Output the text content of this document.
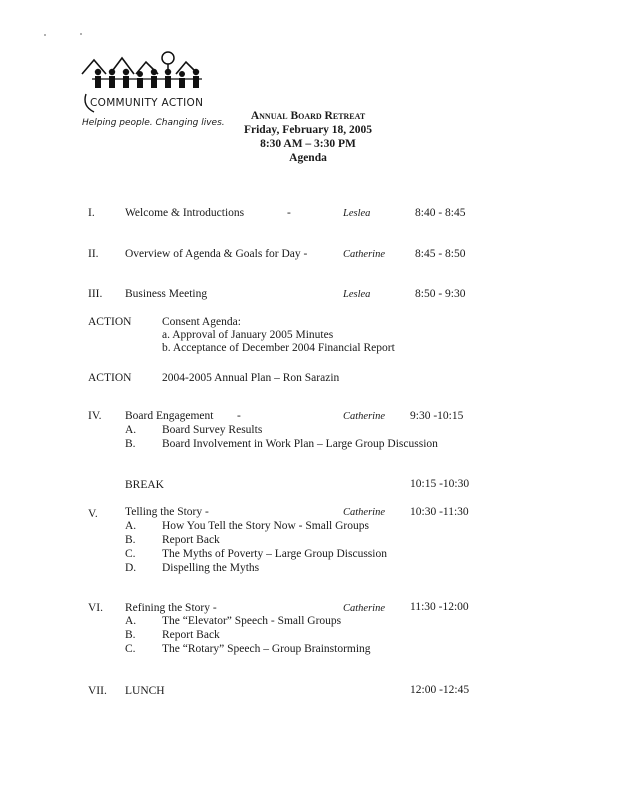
COMMUNITY ACTION
Helping people. Changing lives.
Annual Board Retreat
Friday, February 18, 2005
8:30 AM – 3:30 PM
Agenda
I.	Welcome & Introductions	-	Leslea	8:40 - 8:45
II. Overview of Agenda & Goals for Day -	Catherine	8:45 - 8:50
III. Business Meeting	Leslea	8:50 - 9:30
ACTION	Consent Agenda:
a. Approval of January 2005 Minutes
b. Acceptance of December 2004 Financial Report
ACTION	2004-2005 Annual Plan – Ron Sarazin
IV. Board Engagement -	Catherine 9:30 -10:15
A. Board Survey Results
B. Board Involvement in Work Plan – Large Group Discussion
BREAK	10:15 -10:30
V. Telling the Story -	Catherine 10:30 -11:30
A. How You Tell the Story Now - Small Groups
B. Report Back
C. The Myths of Poverty – Large Group Discussion
D. Dispelling the Myths
VI. Refining the Story -	Catherine 11:30 -12:00
A. The “Elevator” Speech - Small Groups
B. Report Back
C. The “Rotary” Speech – Group Brainstorming
VII. LUNCH	12:00 -12:45
